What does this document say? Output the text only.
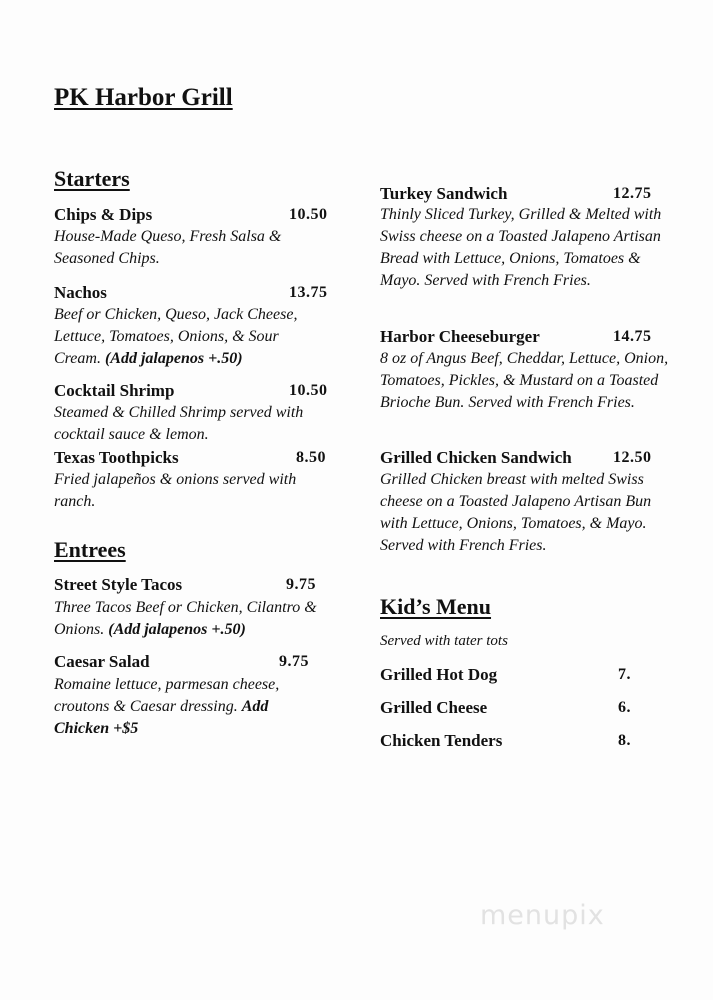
PK Harbor Grill
Starters
Chips & Dips	10.50
House-Made Queso, Fresh Salsa & Seasoned Chips.
Nachos	13.75
Beef or Chicken, Queso, Jack Cheese, Lettuce, Tomatoes, Onions, & Sour Cream. (Add jalapenos +.50)
Cocktail Shrimp	10.50
Steamed & Chilled Shrimp served with cocktail sauce & lemon.
Texas Toothpicks	8.50
Fried jalapeños & onions served with ranch.
Entrees
Street Style Tacos	9.75
Three Tacos Beef or Chicken, Cilantro & Onions. (Add jalapenos +.50)
Caesar Salad	9.75
Romaine lettuce, parmesan cheese, croutons & Caesar dressing. Add Chicken +$5
Turkey Sandwich	12.75
Thinly Sliced Turkey, Grilled & Melted with Swiss cheese on a Toasted Jalapeno Artisan Bread with Lettuce, Onions, Tomatoes & Mayo. Served with French Fries.
Harbor Cheeseburger	14.75
8 oz of Angus Beef, Cheddar, Lettuce, Onion, Tomatoes, Pickles, & Mustard on a Toasted Brioche Bun. Served with French Fries.
Grilled Chicken Sandwich	12.50
Grilled Chicken breast with melted Swiss cheese on a Toasted Jalapeno Artisan Bun with Lettuce, Onions, Tomatoes, & Mayo. Served with French Fries.
Kid’s Menu
Served with tater tots
Grilled Hot Dog	7.
Grilled Cheese	6.
Chicken Tenders	8.
menupix
